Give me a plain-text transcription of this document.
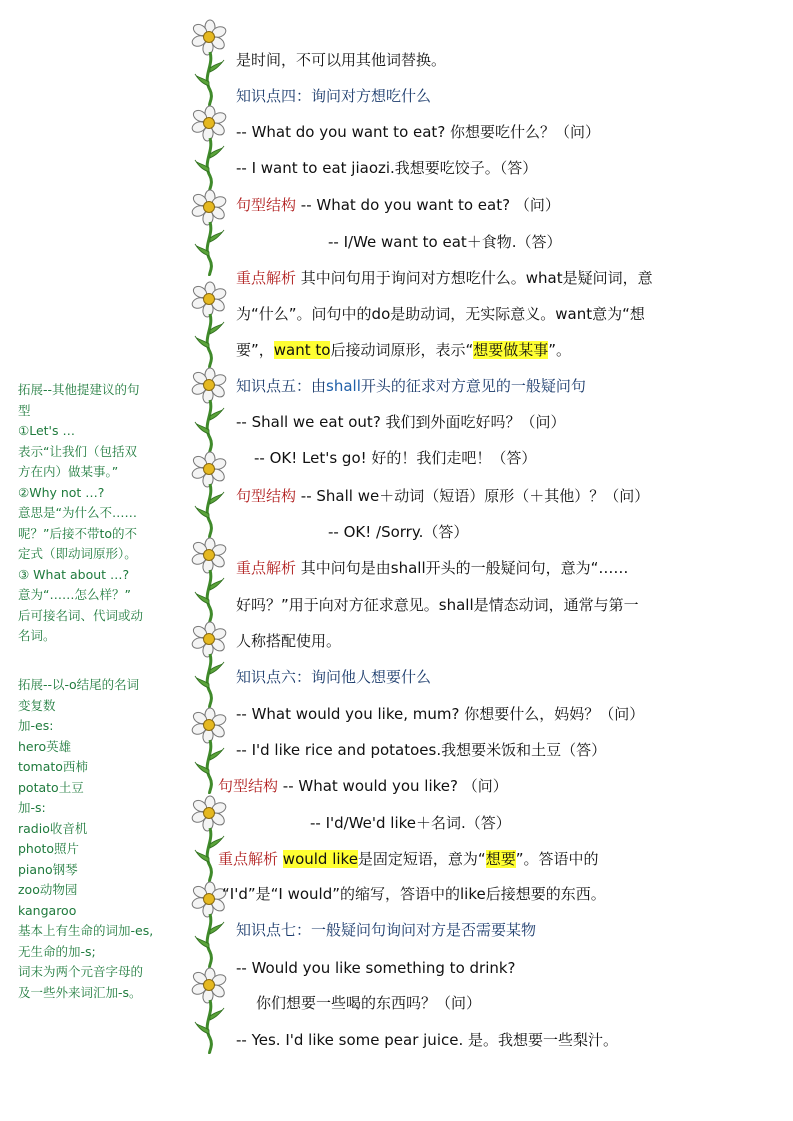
是时间，不可以用其他词替换。
知识点四：询问对方想吃什么
-- What do you want to eat? 你想要吃什么？（问）
-- I want to eat jiaozi.我想要吃饺子。（答）
句型结构 -- What do you want to eat? （问）
-- I/We want to eat＋食物.（答）
重点解析 其中问句用于询问对方想吃什么。what是疑问词，意
为“什么”。问句中的do是助动词，无实际意义。want意为“想
要”，want to后接动词原形，表示“想要做某事”。
知识点五：由shall开头的征求对方意见的一般疑问句
-- Shall we eat out? 我们到外面吃好吗？（问）
-- OK! Let's go! 好的！我们走吧！（答）
句型结构 -- Shall we＋动词（短语）原形（＋其他）？（问）
-- OK! /Sorry.（答）
重点解析 其中问句是由shall开头的一般疑问句，意为“……
好吗？”用于向对方征求意见。shall是情态动词，通常与第一
人称搭配使用。
知识点六：询问他人想要什么
-- What would you like, mum? 你想要什么，妈妈？（问）
-- I'd like rice and potatoes.我想要米饭和土豆（答）
句型结构 -- What would you like? （问）
-- I'd/We'd like＋名词.（答）
重点解析 would like是固定短语，意为“想要”。答语中的
“I'd”是“I would”的缩写，答语中的like后接想要的东西。
知识点七：一般疑问句询问对方是否需要某物
-- Would you like something to drink?
你们想要一些喝的东西吗？（问）
-- Yes. I'd like some pear juice. 是。我想要一些梨汁。
拓展--其他提建议的句
型
①Let's …
表示“让我们（包括双
方在内）做某事。”
②Why not …?
意思是“为什么不……
呢？”后接不带to的不
定式（即动词原形）。
③ What about …?
意为“……怎么样？”
后可接名词、代词或动
名词。
拓展--以-o结尾的名词
变复数
加-es:
hero英雄
tomato西柿
potato土豆
加-s:
radio收音机
photo照片
piano钢琴
zoo动物园
kangaroo
基本上有生命的词加-es,
无生命的加-s;
词末为两个元音字母的
及一些外来词汇加-s。
